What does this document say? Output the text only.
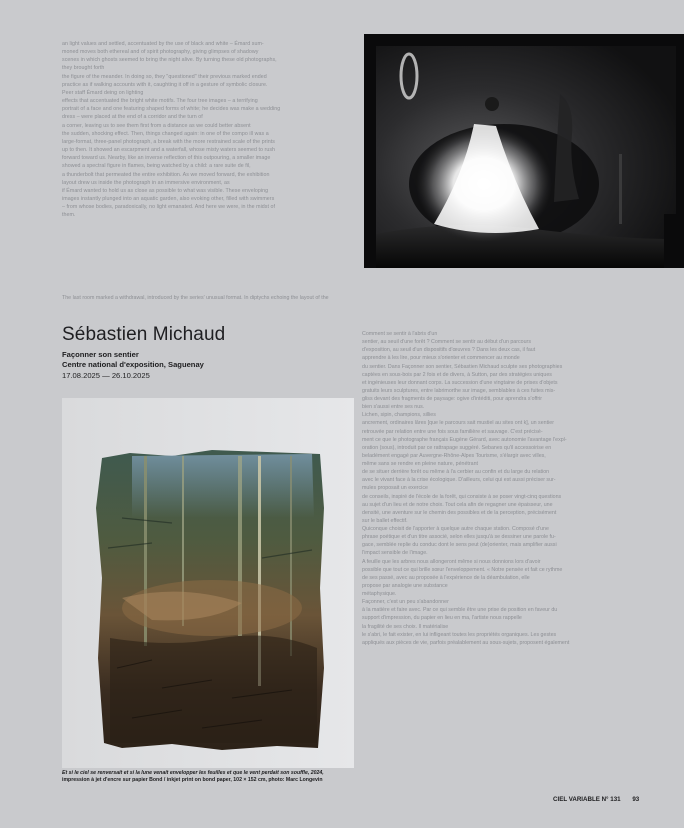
an light values and settled, accentuated by the use of black and white – Émard sum-
moned moves both ethereal and of spirit photography, giving glimpses of shadowy
scenes in which ghosts seemed to bring the night alive. By turning these old photographs,
they brought forth
the figure of the meander. In doing so, they "questioned" their previous marked ended
practice as if walking accounts with it, caughting it off in a gesture of symbolic closure.
Peer staff Émard deing on lighting
effects that accentuated the bright white motifs. The four tree images – a terrifying
portrait of a face and one featuring shaped forms of white; he decides was make a wedding
dress – were placed at the end of a corridor and the turn of
a corner, leaving us to see them first from a distance as we could better absent
the sudden, shocking effect. Then, things changed again: in one of the compo ill was a
large-format, three-panel photograph, a break with the more restrained scale of the prints
up to then. It showed an escarpment and a waterfall, whose misty waters seemed to rush
forward toward us. Nearby, like an inverse reflection of this outpouring, a smaller image
showed a spectral figure in flames, being watched by a child: a rare suite de fil,
a thunderbolt that permeated the entire exhibition. As we moved forward, the exhibition
layout drew us inside the photograph in an immersive environment, as
if Émard wanted to hold us as close as possible to what was visible. These enveloping
images instantly plunged into an aquatic garden, also evoking other, filled with swimmers
– from whose bodies, paradoxically, no light emanated. And here we were, in the midst of
them.
The last room marked a withdrawal, introduced by the series' unusual format. In diptychs echoing the layout of the
Sébastien Michaud
Façonner son sentier
Centre national d'exposition, Saguenay
17.08.2025 — 26.10.2025
Comment se sentir à l'abris d'un
sentier, au seuil d'une forêt ? Comment se sentir au début d'un parcours
d'exposition, au seuil d'un dispositifs d'œuvres ? Dans les deux cas, il faut
apprendre à les lire, pour mieux s'orienter et commencer au monde
du sentier. Dans Façonner son sentier, Sébastien Michaud sculpte ses photographies
captées en sous-bois par 2 fois et de divers, à Sutton, par des stratégies uniques
et ingénieuses leur donnant corps. La succession d'une vingtaine de prises d'objets
gratuits leurs sculptures, entre labrimorthe sur image, semblables à ces fuites mis-
gliss devant des fragments de paysage: ogive d'intéditi, pour aprendra s'offrir
bien s'aussi entre ses nus.
Lichen, sipin, champions, sillies
ancrement, ordinaires lâres [que le parcours sait mustiel au sites ont k], un sentier
retrouvée par relation entre une fois sous familière et sauvage. C'est précisé-
ment ce que le photographe français Eugène Gérard, avec autonomie l'avantage l'expl-
oration (sous), introduit par ce rattrapage suggéré. Sebanes qu'il accessoirise en
beladément engagé par Auvergne-Rhône-Alpes Tourisme, s'élargir avec villes,
même sans se rendre en pleine nature, pénétrant
de se situer derrière forêt ou même à l'a cerbier au confin et du large du relation
avec le vivant face à la crise écologique. D'ailleurs, celui qui est aussi préciser sur-
mules proposait un exercice
de conseils, inspiré de l'école de la forêt, qui consiste à se poser vingt-cinq questions
au sujet d'un lieu et de notre choix. Tout cela afin de regagner une épaisseur, une
densité, une aventure sur le chemin des possibles et de la perception, précisément
sur le ballet effectif.
Quiconque choisit de l'apporter à quelque autre chaque station. Composé d'une
phrase poétique et d'un titre associé, selon elles jusqu'à se dessiner une parole fu-
gace, semblée replie du conduc dont le sens peut (de)orienter, mais amplifier aussi
l'impact sensible de l'image.
A feuille que les arbres nous allongeront même si nous donnions lors d'avoir
possible que tout ce qui brille sœur l'enveloppement. « Notre pensée et fait ce rythme
de ses passé, avec au proposée à l'expérience de la déambulation, elle
propose par analogie une substance
métaphysique.
Façonner, c'est un peu s'abandonner
à la matière et faire avec. Par ce qui semble être une prise de position en faveur du
support d'impression, du papier en lieu en ma, l'artiste nous rappelle
la fragilité de ses choix. Il matérialise
le s'abri, le fait exister, en lui infligeant toutes les propriétés organiques. Les gestes
appliqués aux pièces de vie, parfois préalablement au sous-sujets, proposent également
Et si le ciel se renversait et si la lune venait envelopper les feuilles et que le vent perdait son souffle, 2024,
impression à jet d'encre sur papier Bond / inkjet print on bond paper, 102 × 152 cm, photo: Marc Longevin
CIEL VARIABLE N° 131 93
